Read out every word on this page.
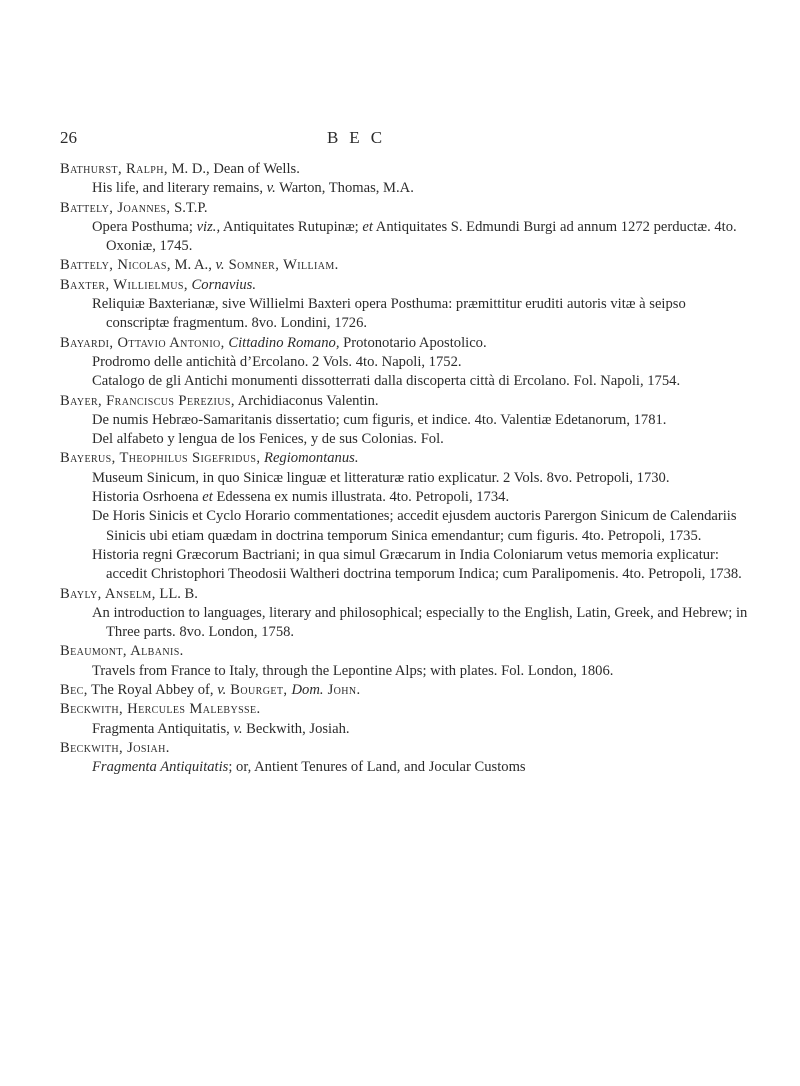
26	BEC

Bathurst, Ralph, M. D., Dean of Wells.

His life, and literary remains, v. Warton, Thomas, M.A.

Battely, Joannes, S.T.P.

Opera Posthuma; viz., Antiquitates Rutupinæ; et Antiquitates S. Edmundi Burgi ad annum 1272 perductæ. 4to. Oxoniæ, 1745.

Battely, Nicolas, M. A., v. Somner, William.

Baxter, Willielmus, Cornavius.

Reliquiæ Baxterianæ, sive Willielmi Baxteri opera Posthuma: præmittitur eruditi autoris vitæ à seipso conscriptæ fragmentum. 8vo. Londini, 1726.

Bayardi, Ottavio Antonio, Cittadino Romano, Protonotario Apostolico.

Prodromo delle antichità d’Ercolano. 2 Vols. 4to. Napoli, 1752.

Catalogo de gli Antichi monumenti dissotterrati dalla discoperta città di Ercolano. Fol. Napoli, 1754.

Bayer, Franciscus Perezius, Archidiaconus Valentin.

De numis Hebræo-Samaritanis dissertatio; cum figuris, et indice. 4to. Valentiæ Edetanorum, 1781.

Del alfabeto y lengua de los Fenices, y de sus Colonias. Fol.

Bayerus, Theophilus Sigefridus, Regiomontanus.

Museum Sinicum, in quo Sinicæ linguæ et litteraturæ ratio explicatur. 2 Vols. 8vo. Petropoli, 1730.

Historia Osrhoena et Edessena ex numis illustrata. 4to. Petropoli, 1734.

De Horis Sinicis et Cyclo Horario commentationes; accedit ejusdem auctoris Parergon Sinicum de Calendariis Sinicis ubi etiam quædam in doctrina temporum Sinica emendantur; cum figuris. 4to. Petropoli, 1735.

Historia regni Græcorum Bactriani; in qua simul Græcarum in India Coloniarum vetus memoria explicatur: accedit Christophori Theodosii Waltheri doctrina temporum Indica; cum Paralipomenis. 4to. Petropoli, 1738.

Bayly, Anselm, LL. B.

An introduction to languages, literary and philosophical; especially to the English, Latin, Greek, and Hebrew; in Three parts. 8vo. London, 1758.

Beaumont, Albanis.

Travels from France to Italy, through the Lepontine Alps; with plates. Fol. London, 1806.

Bec, The Royal Abbey of, v. Bourget, Dom. John.

Beckwith, Hercules Malebysse.

Fragmenta Antiquitatis, v. Beckwith, Josiah.

Beckwith, Josiah.

Fragmenta Antiquitatis; or, Antient Tenures of Land, and Jocular Customs
